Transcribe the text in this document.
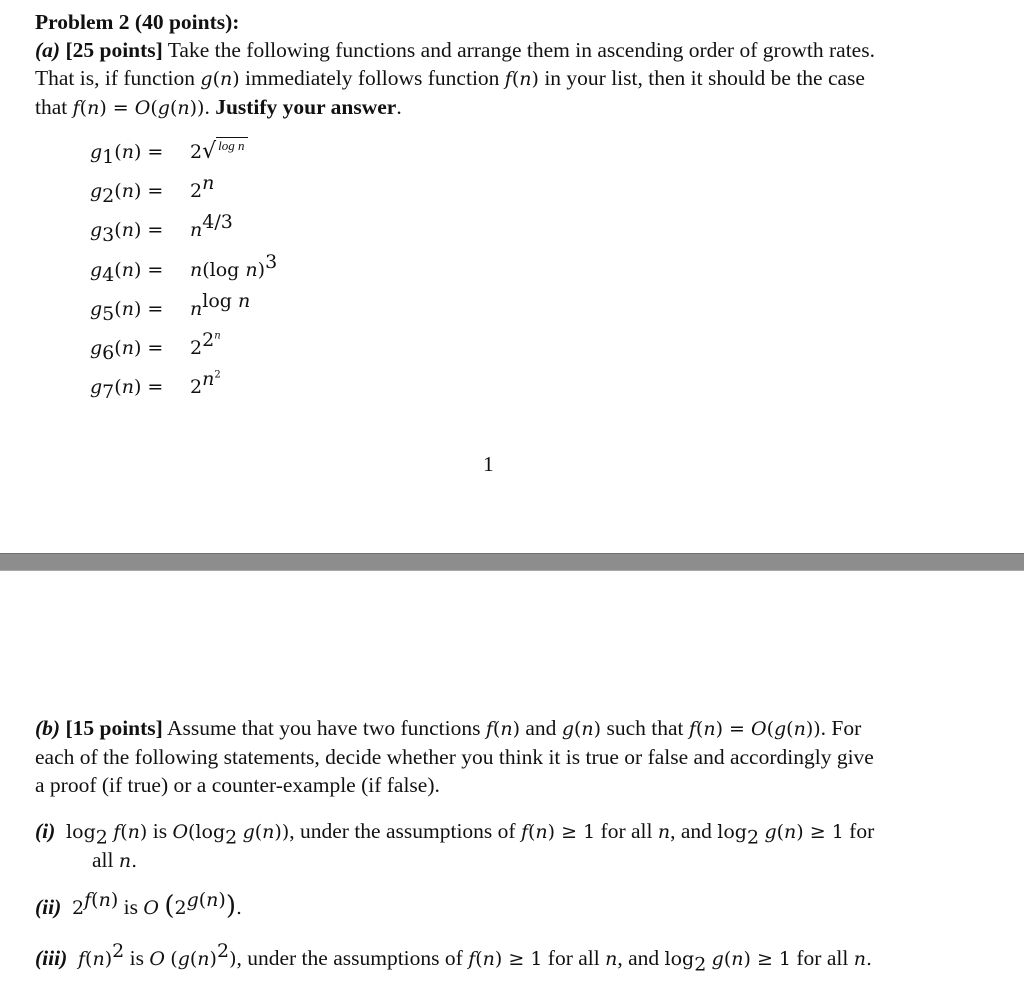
Problem 2 (40 points):
(a) [25 points] Take the following functions and arrange them in ascending order of growth rates.
That is, if function g(n) immediately follows function f(n) in your list, then it should be the case
that f(n) = O(g(n)). Justify your answer.
$g_1(n) = 2√$ $^{log n}$
$g_2(n) = 2^n$
$g_3(n) = n^{4/3}$
$g_4(n) = n(\log$ n)$^3$
$g_5(n) = n^{log n}$
$g_6(n) = 2^{2^n}$
$g_7(n) = 2^{n^2}$
1
(b) [15 points] Assume that you have two functions f(n) and g(n) such that f(n) = O(g(n)). For
each of the following statements, decide whether you think it is true or false and accordingly give
a proof (if true) or a counter-example (if false).
(i) $\log_2 f(n)$ is $O(\log_2$ g(n)), under the assumptions of f(n) ≥ 1 for all n, and $\log_2 g(n) \ge 1$ for
all n.
(ii) $2^{f(n)}$ is O $(2^{g(n)})$.
(iii) $f(n)^2$ is O $(g(n)^2)$, under the assumptions of f(n) ≥ 1 for all n, and $\log_2 g(n) \ge 1$ for all n.
